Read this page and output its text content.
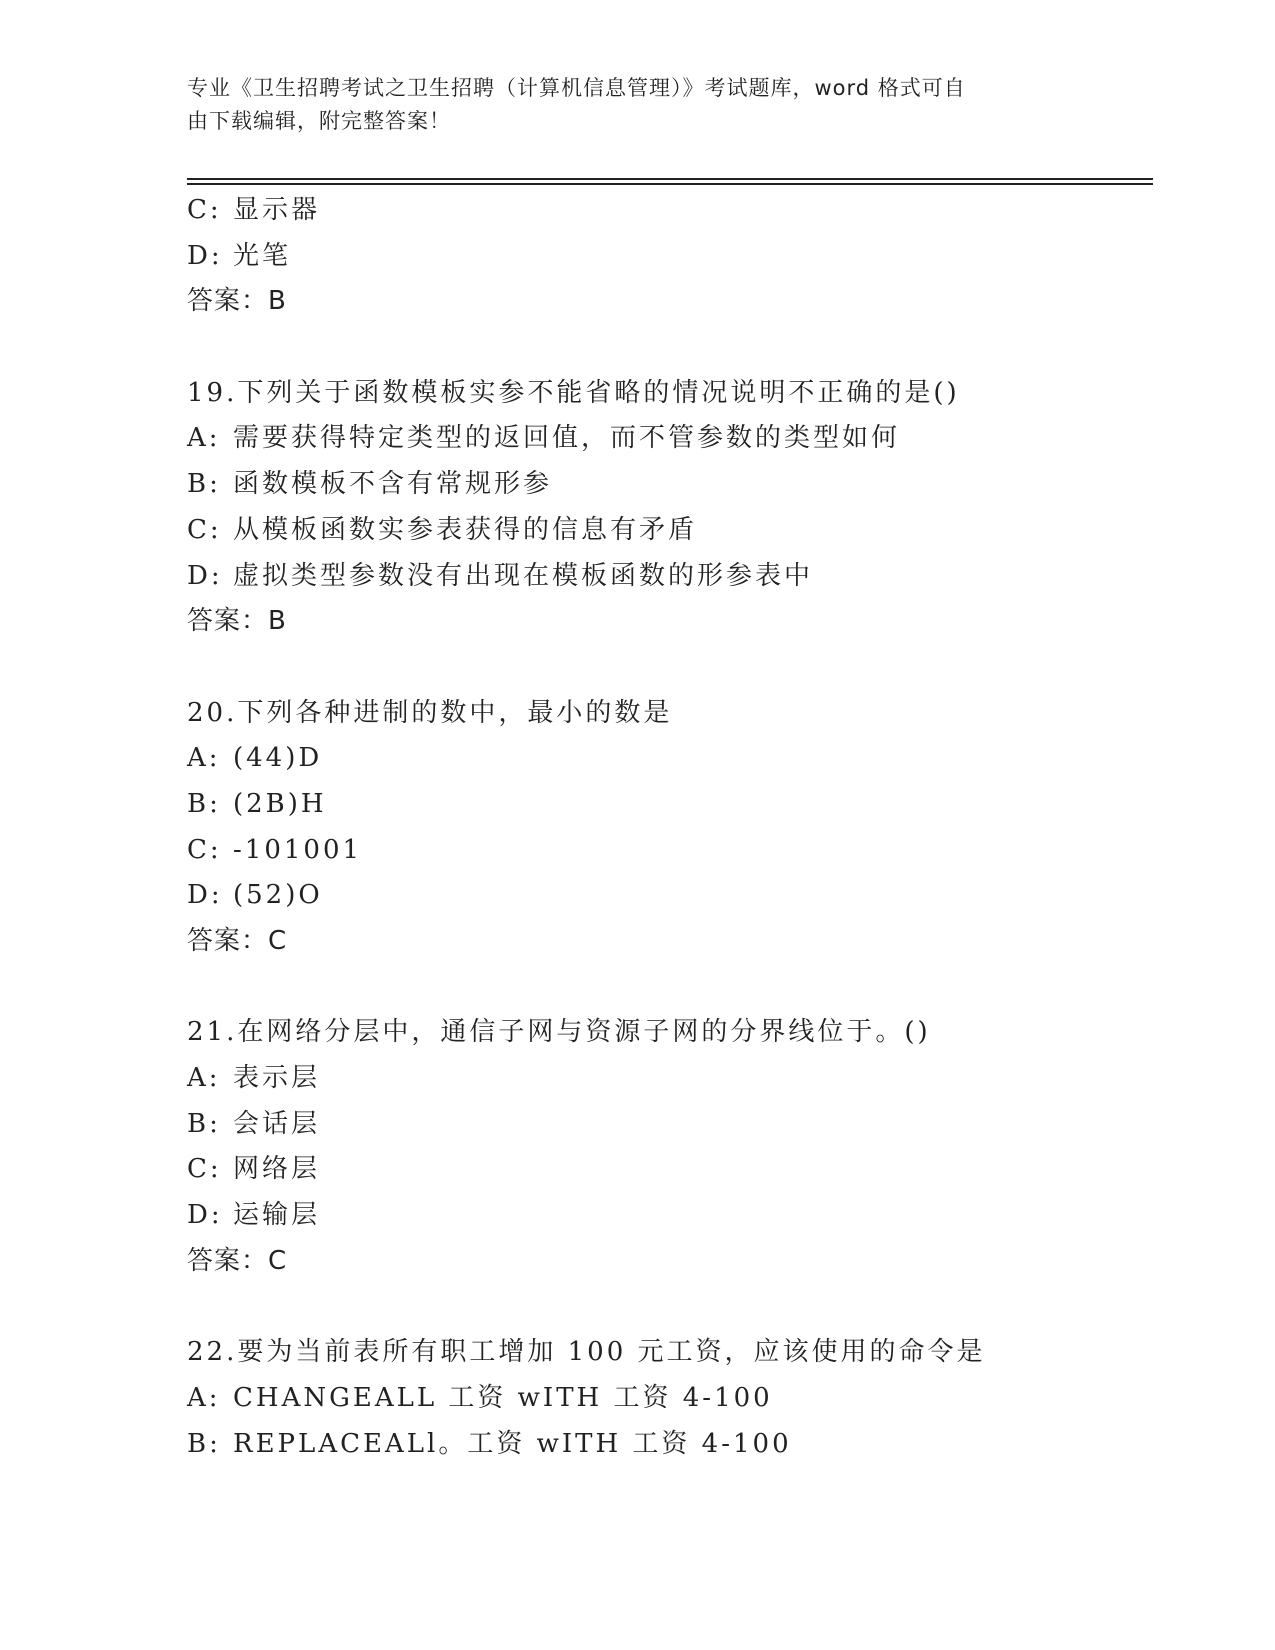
专业《卫生招聘考试之卫生招聘（计算机信息管理）》考试题库，word 格式可自
由下载编辑，附完整答案！
C: 显示器
D: 光笔
答案：B
19.下列关于函数模板实参不能省略的情况说明不正确的是()
A: 需要获得特定类型的返回值，而不管参数的类型如何
B: 函数模板不含有常规形参
C: 从模板函数实参表获得的信息有矛盾
D: 虚拟类型参数没有出现在模板函数的形参表中
答案：B
20.下列各种进制的数中，最小的数是
A: (44)D
B: (2B)H
C: -101001
D: (52)O
答案：C
21.在网络分层中，通信子网与资源子网的分界线位于。()
A: 表示层
B: 会话层
C: 网络层
D: 运输层
答案：C
22.要为当前表所有职工增加 100 元工资，应该使用的命令是
A: CHANGEALL 工资 wITH 工资 4-100
B: REPLACEALl。工资 wITH 工资 4-100
